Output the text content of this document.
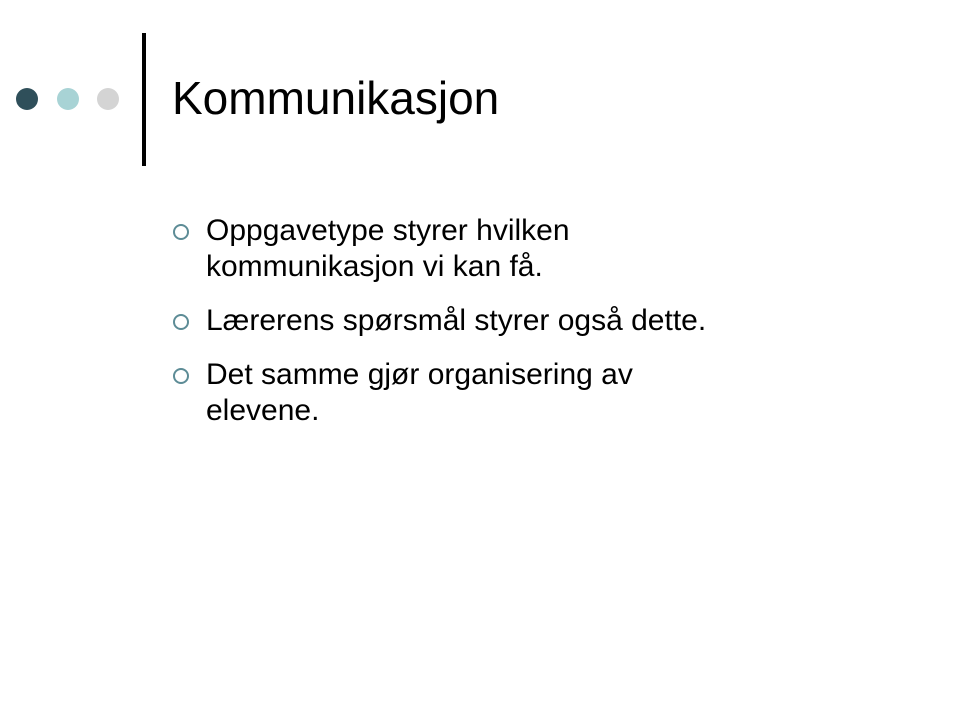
Kommunikasjon
Oppgavetype styrer hvilken
kommunikasjon vi kan få.
Lærerens spørsmål styrer også dette.
Det samme gjør organisering av
elevene.
